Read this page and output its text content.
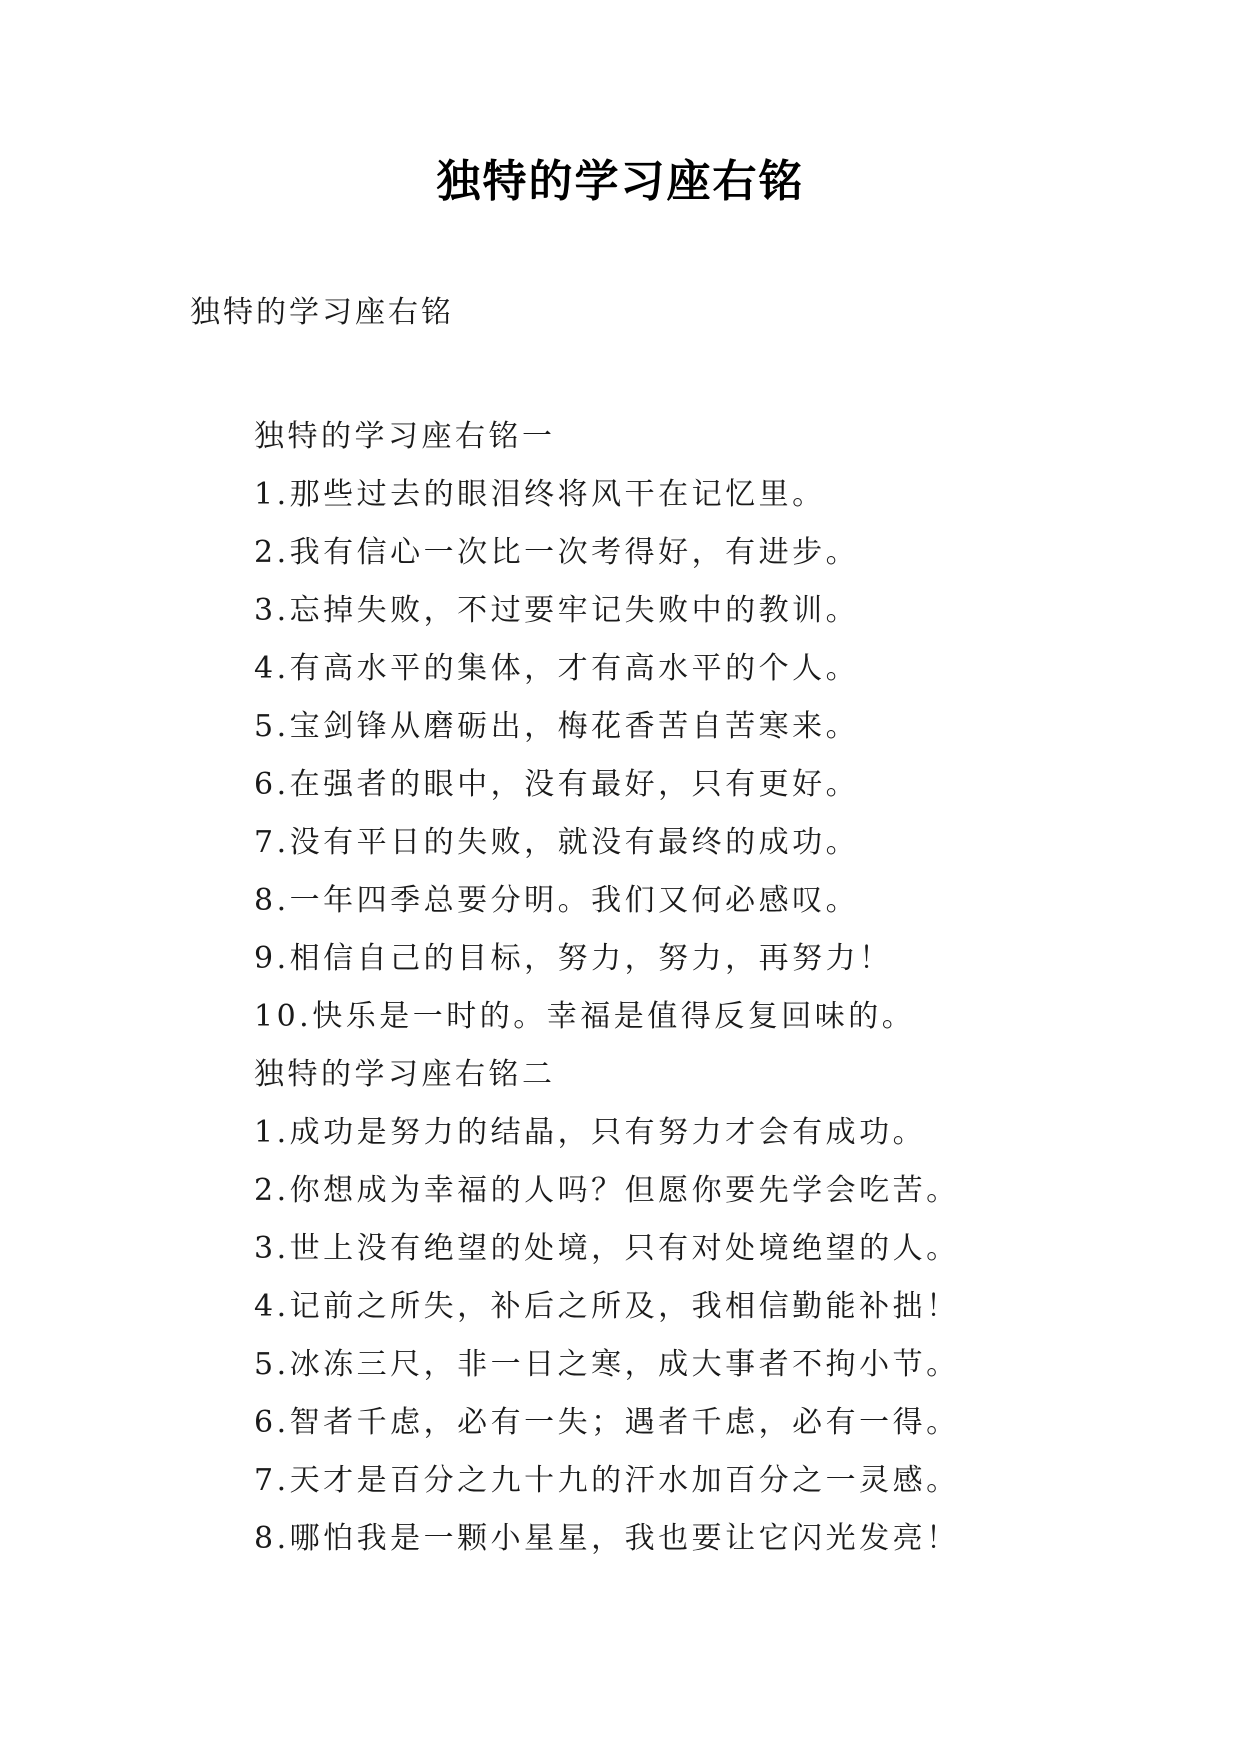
独特的学习座右铭
独特的学习座右铭
独特的学习座右铭一
1.那些过去的眼泪终将风干在记忆里。
2.我有信心一次比一次考得好，有进步。
3.忘掉失败，不过要牢记失败中的教训。
4.有高水平的集体，才有高水平的个人。
5.宝剑锋从磨砺出，梅花香苦自苦寒来。
6.在强者的眼中，没有最好，只有更好。
7.没有平日的失败，就没有最终的成功。
8.一年四季总要分明。我们又何必感叹。
9.相信自己的目标，努力，努力，再努力！
10.快乐是一时的。幸福是值得反复回味的。
独特的学习座右铭二
1.成功是努力的结晶，只有努力才会有成功。
2.你想成为幸福的人吗？但愿你要先学会吃苦。
3.世上没有绝望的处境，只有对处境绝望的人。
4.记前之所失，补后之所及，我相信勤能补拙！
5.冰冻三尺，非一日之寒，成大事者不拘小节。
6.智者千虑，必有一失；遇者千虑，必有一得。
7.天才是百分之九十九的汗水加百分之一灵感。
8.哪怕我是一颗小星星，我也要让它闪光发亮！
